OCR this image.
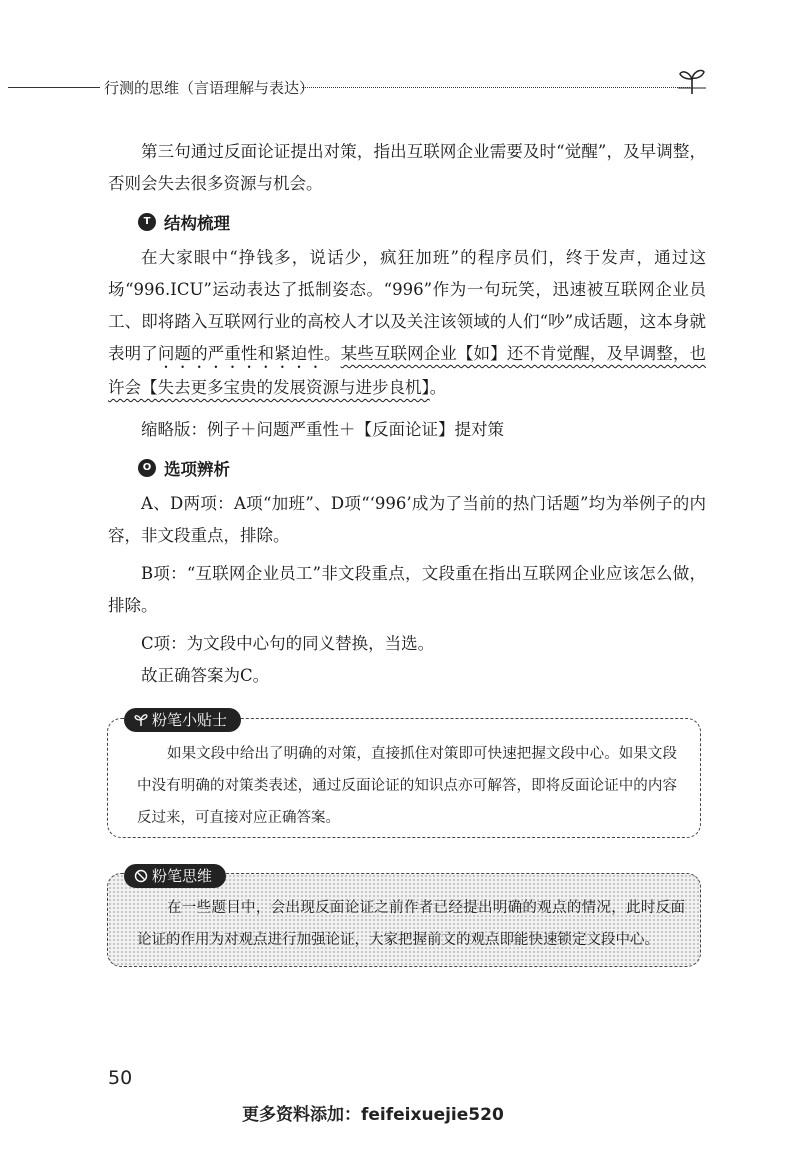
行测的思维（言语理解与表达）

第三句通过反面论证提出对策，指出互联网企业需要及时“觉醒”，及早调整，否则会失去很多资源与机会。

T 结构梳理

在大家眼中“挣钱多，说话少，疯狂加班”的程序员们，终于发声，通过这场“996.ICU”运动表达了抵制姿态。“996”作为一句玩笑，迅速被互联网企业员工、即将踏入互联网行业的高校人才以及关注该领域的人们“吵”成话题，这本身就表明了问题的严重性和紧迫性。某些互联网企业【如】还不肯觉醒，及早调整，也许会【失去更多宝贵的发展资源与进步良机】。

缩略版：例子＋问题严重性＋【反面论证】提对策

O 选项辨析

A、D两项：A项“加班”、D项“‘996’成为了当前的热门话题”均为举例子的内容，非文段重点，排除。

B项：“互联网企业员工”非文段重点，文段重在指出互联网企业应该怎么做，排除。

C项：为文段中心句的同义替换，当选。

故正确答案为C。

粉笔小贴士

如果文段中给出了明确的对策，直接抓住对策即可快速把握文段中心。如果文段中没有明确的对策类表述，通过反面论证的知识点亦可解答，即将反面论证中的内容反过来，可直接对应正确答案。

粉笔思维

在一些题目中，会出现反面论证之前作者已经提出明确的观点的情况，此时反面论证的作用为对观点进行加强论证，大家把握前文的观点即能快速锁定文段中心。

50
更多资料添加：feifeixuejie520
